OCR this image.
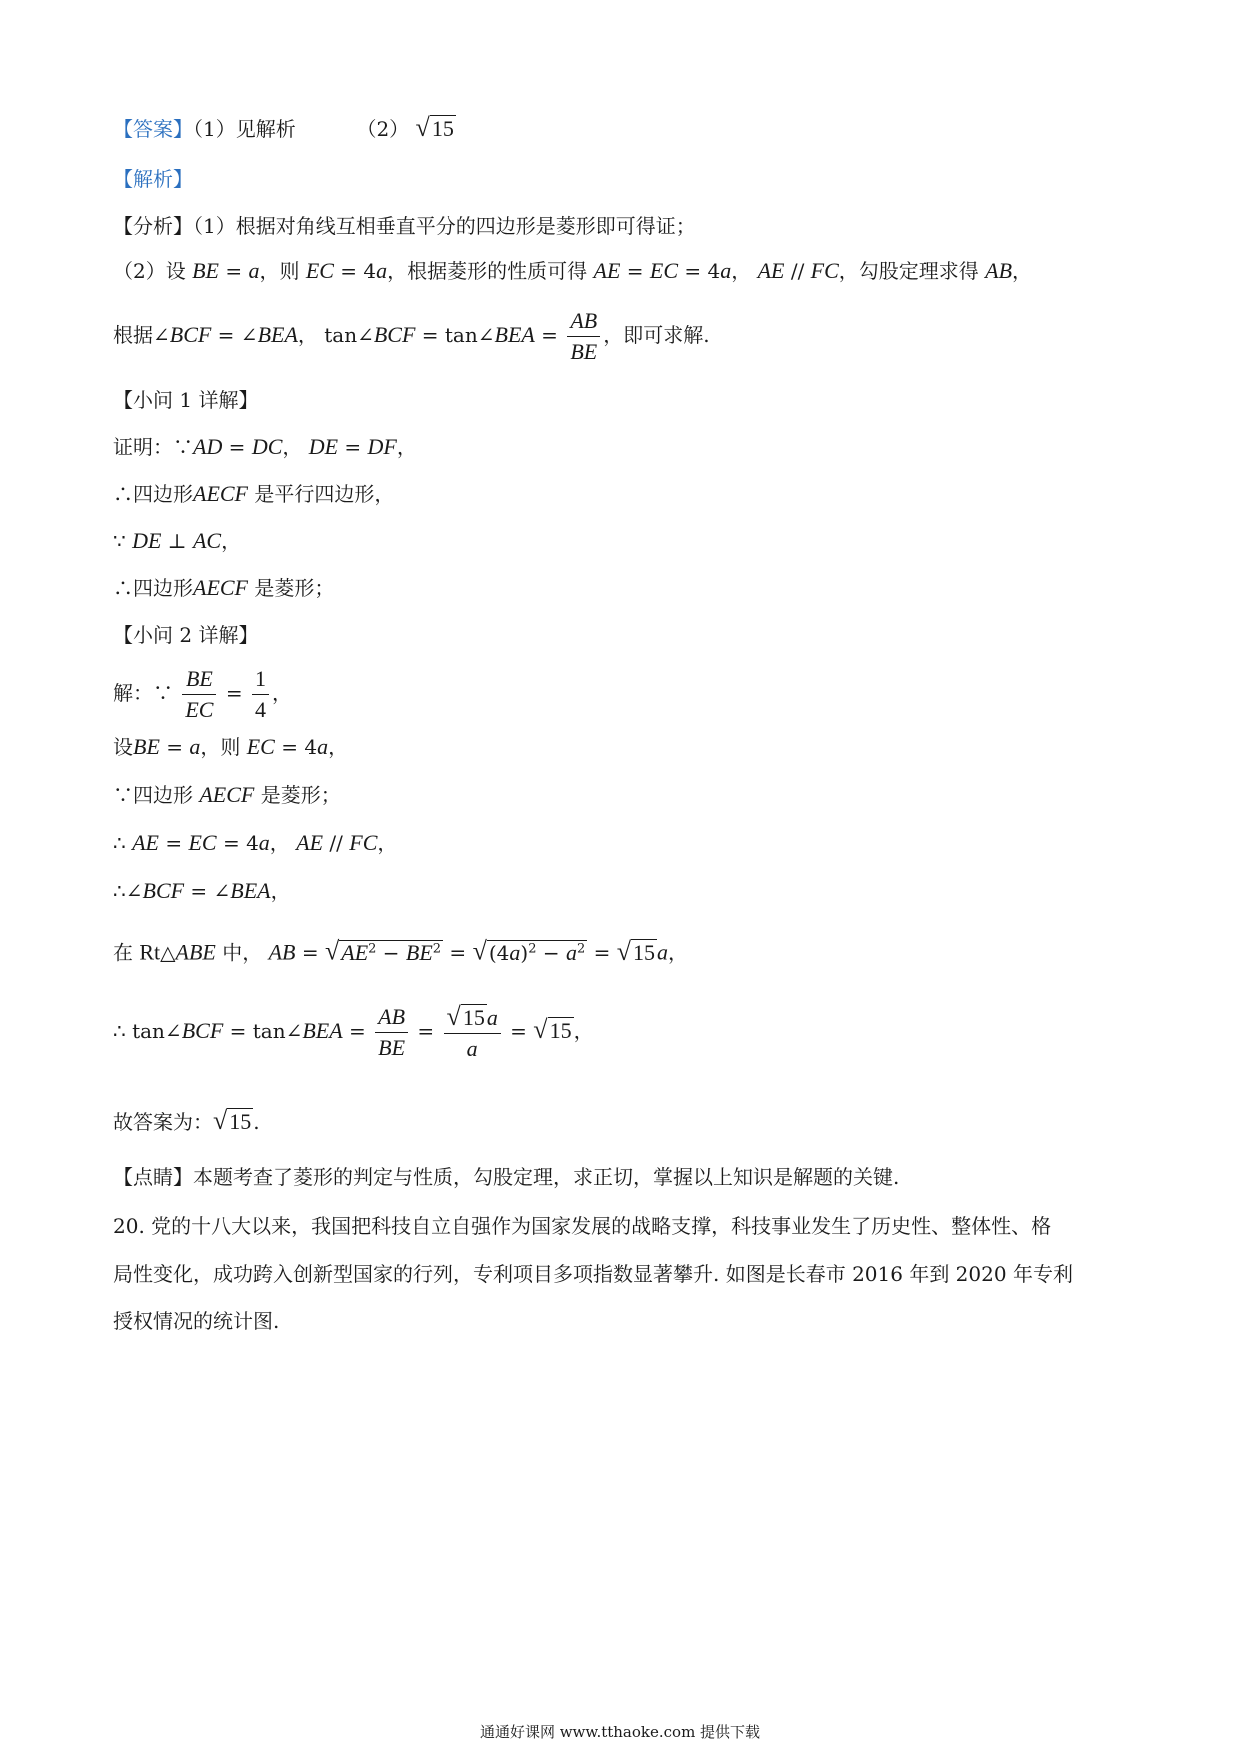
【答案】（1）见解析	（2） √15
【解析】
【分析】（1）根据对角线互相垂直平分的四边形是菱形即可得证；
（2）设 BE = a，则 EC = 4a，根据菱形的性质可得 AE = EC = 4a， AE // FC，勾股定理求得 AB，
根据∠BCF = ∠BEA， tan∠BCF = tan∠BEA = $\frac{AB}{BE}$ ，即可求解.
【小问 1 详解】
证明：∵AD = DC， DE = DF，
∴四边形AECF 是平行四边形，
∵ DE ⊥ AC，
∴四边形AECF 是菱形；
【小问 2 详解】
解：∵ $\frac{BE}{EC} = \frac{1}{4}$ ，
设BE = a，则 EC = 4a，
∵四边形 AECF 是菱形；
∴ AE = EC = 4a， AE // FC，
∴∠BCF = ∠BEA，
在 Rt△ABE 中， AB = $√AE^2 - BE^2$ = √ $(4a)^2 - a^2 = √15a$，
∴ tan∠BCF = tan∠BEA = $\frac{AB}{BE} = \frac{√15a}{a} = √15$ ，
故答案为：√15 .
【点睛】本题考查了菱形的判定与性质，勾股定理，求正切，掌握以上知识是解题的关键.
20. 党的十八大以来，我国把科技自立自强作为国家发展的战略支撑，科技事业发生了历史性、整体性、格
局性变化，成功跨入创新型国家的行列，专利项目多项指数显著攀升. 如图是长春市 2016 年到 2020 年专利
授权情况的统计图.
通通好课网 www.tthaoke.com 提供下载
